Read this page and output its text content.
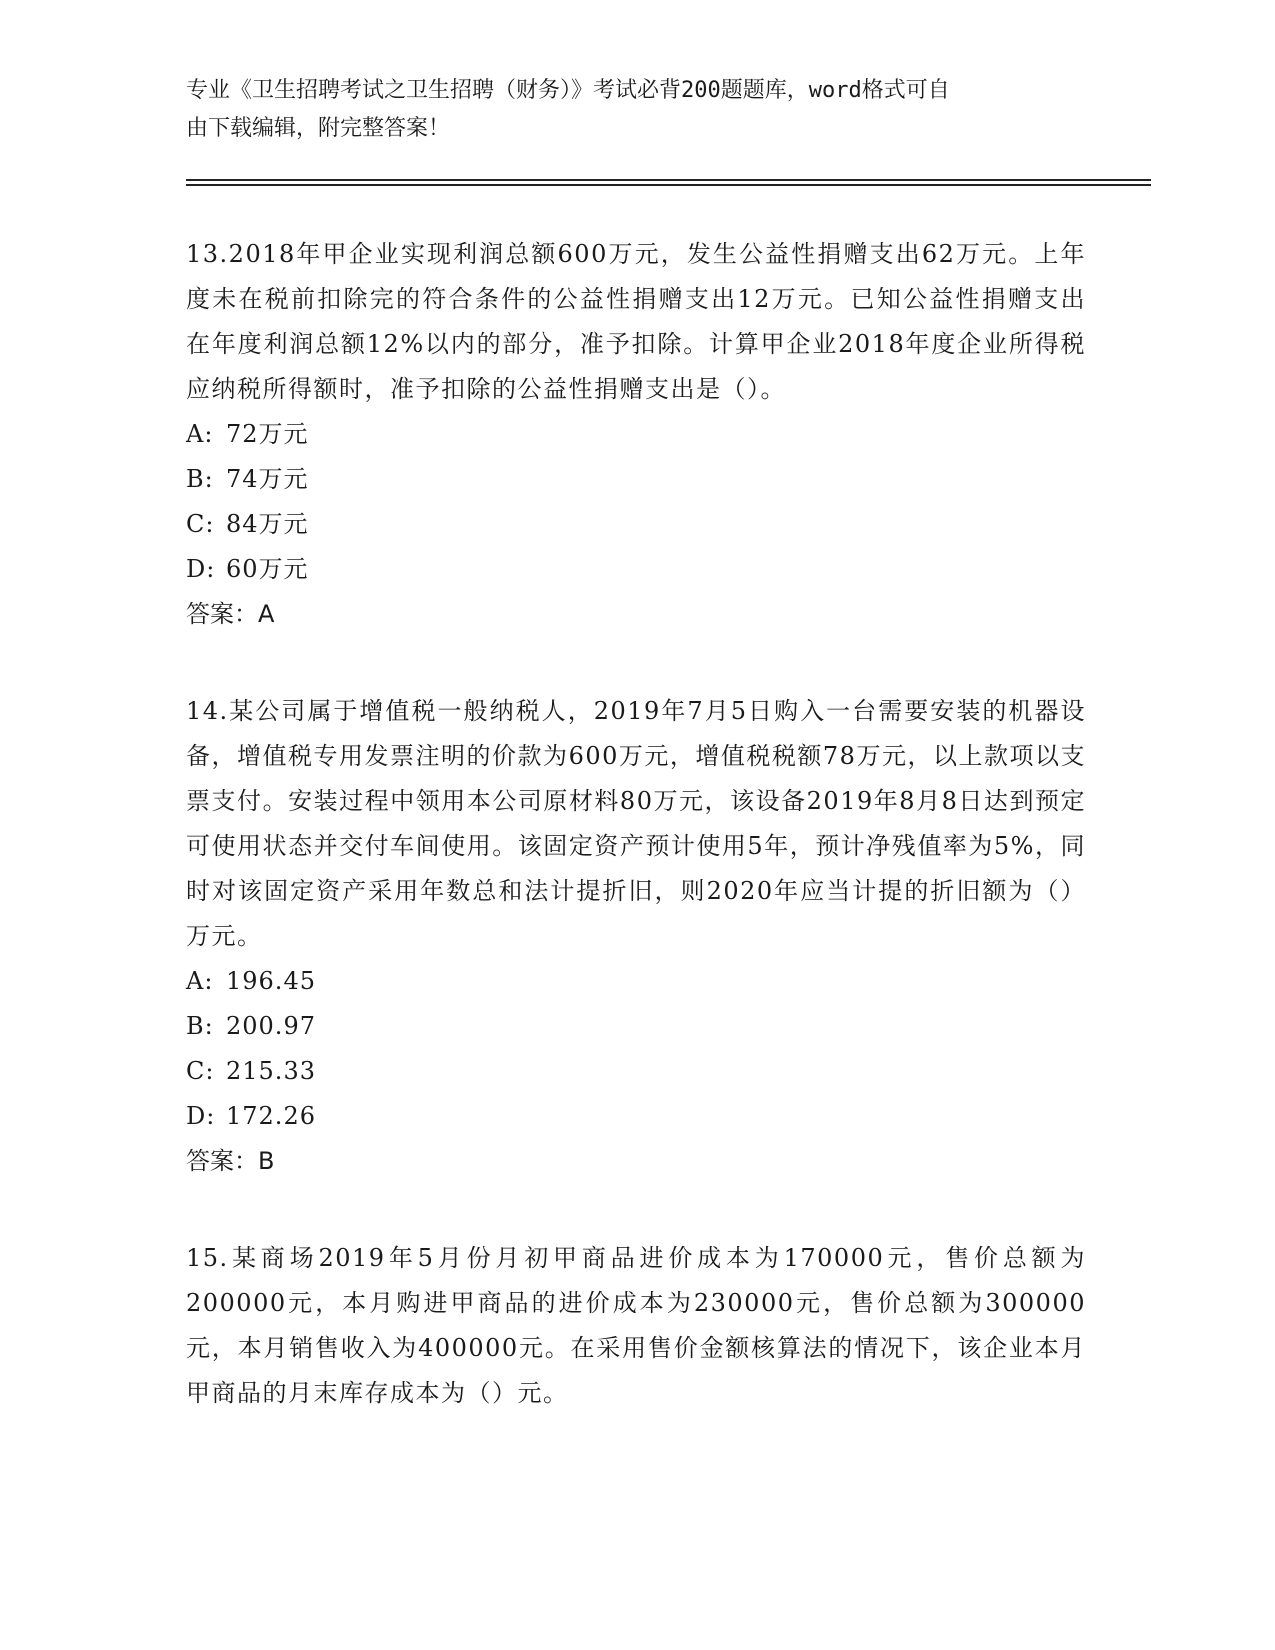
专业《卫生招聘考试之卫生招聘（财务）》考试必背200题题库，word格式可自
由下载编辑，附完整答案！

13.2018年甲企业实现利润总额600万元，发生公益性捐赠支出62万元。上年度未在税前扣除完的符合条件的公益性捐赠支出12万元。已知公益性捐赠支出在年度利润总额12%以内的部分，准予扣除。计算甲企业2018年度企业所得税应纳税所得额时，准予扣除的公益性捐赠支出是（）。

A: 72万元
B: 74万元
C: 84万元
D: 60万元
答案：A

14.某公司属于增值税一般纳税人，2019年7月5日购入一台需要安装的机器设备，增值税专用发票注明的价款为600万元，增值税税额78万元，以上款项以支票支付。安装过程中领用本公司原材料80万元，该设备2019年8月8日达到预定可使用状态并交付车间使用。该固定资产预计使用5年，预计净残值率为5%，同时对该固定资产采用年数总和法计提折旧，则2020年应当计提的折旧额为（）万元。

A: 196.45
B: 200.97
C: 215.33
D: 172.26
答案：B

15.某商场2019年5月份月初甲商品进价成本为170000元，售价总额为200000元，本月购进甲商品的进价成本为230000元，售价总额为300000元，本月销售收入为400000元。在采用售价金额核算法的情况下，该企业本月甲商品的月末库存成本为（）元。
